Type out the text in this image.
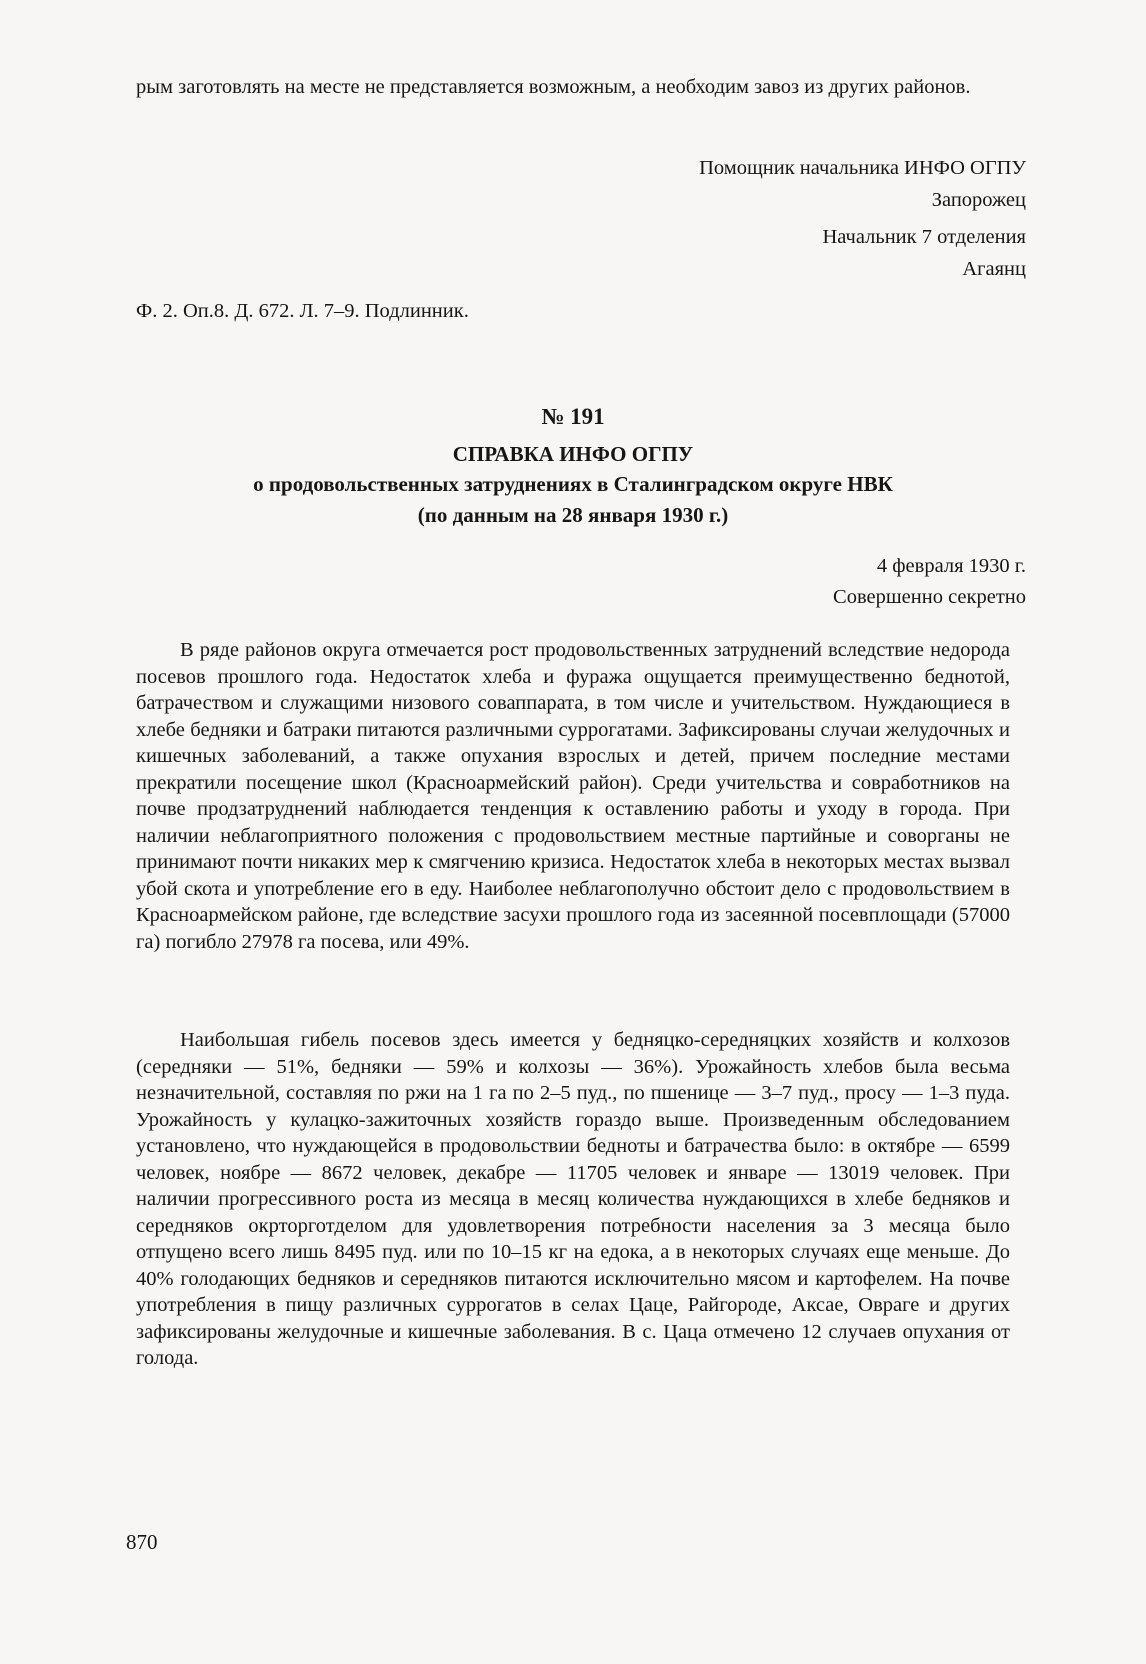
рым заготовлять на месте не представляется возможным, а необходим завоз из других районов.

Помощник начальника ИНФО ОГПУ

Запорожец

Начальник 7 отделения

Агаянц

Ф. 2. Оп.8. Д. 672. Л. 7–9. Подлинник.

№ 191

СПРАВКА ИНФО ОГПУ

о продовольственных затруднениях в Сталинградском округе НВК

(по данным на 28 января 1930 г.)

4 февраля 1930 г.

Совершенно секретно

В ряде районов округа отмечается рост продовольственных затруднений вследствие недорода посевов прошлого года. Недостаток хлеба и фуража ощущается преимущественно беднотой, батрачеством и служащими низового соваппарата, в том числе и учительством. Нуждающиеся в хлебе бедняки и батраки питаются различными суррогатами. Зафиксированы случаи желудочных и кишечных заболеваний, а также опухания взрослых и детей, причем последние местами прекратили посещение школ (Красноармейский район). Среди учительства и совработников на почве продзатруднений наблюдается тенденция к оставлению работы и уходу в города. При наличии неблагоприятного положения с продовольствием местные партийные и соворганы не принимают почти никаких мер к смягчению кризиса. Недостаток хлеба в некоторых местах вызвал убой скота и употребление его в еду. Наиболее неблагополучно обстоит дело с продовольствием в Красноармейском районе, где вследствие засухи прошлого года из засеянной посевплощади (57000 га) погибло 27978 га посева, или 49%.

Наибольшая гибель посевов здесь имеется у бедняцко-середняцких хозяйств и колхозов (середняки — 51%, бедняки — 59% и колхозы — 36%). Урожайность хлебов была весьма незначительной, составляя по ржи на 1 га по 2–5 пуд., по пшенице — 3–7 пуд., просу — 1–3 пуда. Урожайность у кулацко-зажиточных хозяйств гораздо выше. Произведенным обследованием установлено, что нуждающейся в продовольствии бедноты и батрачества было: в октябре — 6599 человек, ноябре — 8672 человек, декабре — 11705 человек и январе — 13019 человек. При наличии прогрессивного роста из месяца в месяц количества нуждающихся в хлебе бедняков и середняков окрторготделом для удовлетворения потребности населения за 3 месяца было отпущено всего лишь 8495 пуд. или по 10–15 кг на едока, а в некоторых случаях еще меньше. До 40% голодающих бедняков и середняков питаются исключительно мясом и картофелем. На почве употребления в пищу различных суррогатов в селах Цаце, Райгороде, Аксае, Овраге и других зафиксированы желудочные и кишечные заболевания. В с. Цаца отмечено 12 случаев опухания от голода.

870
